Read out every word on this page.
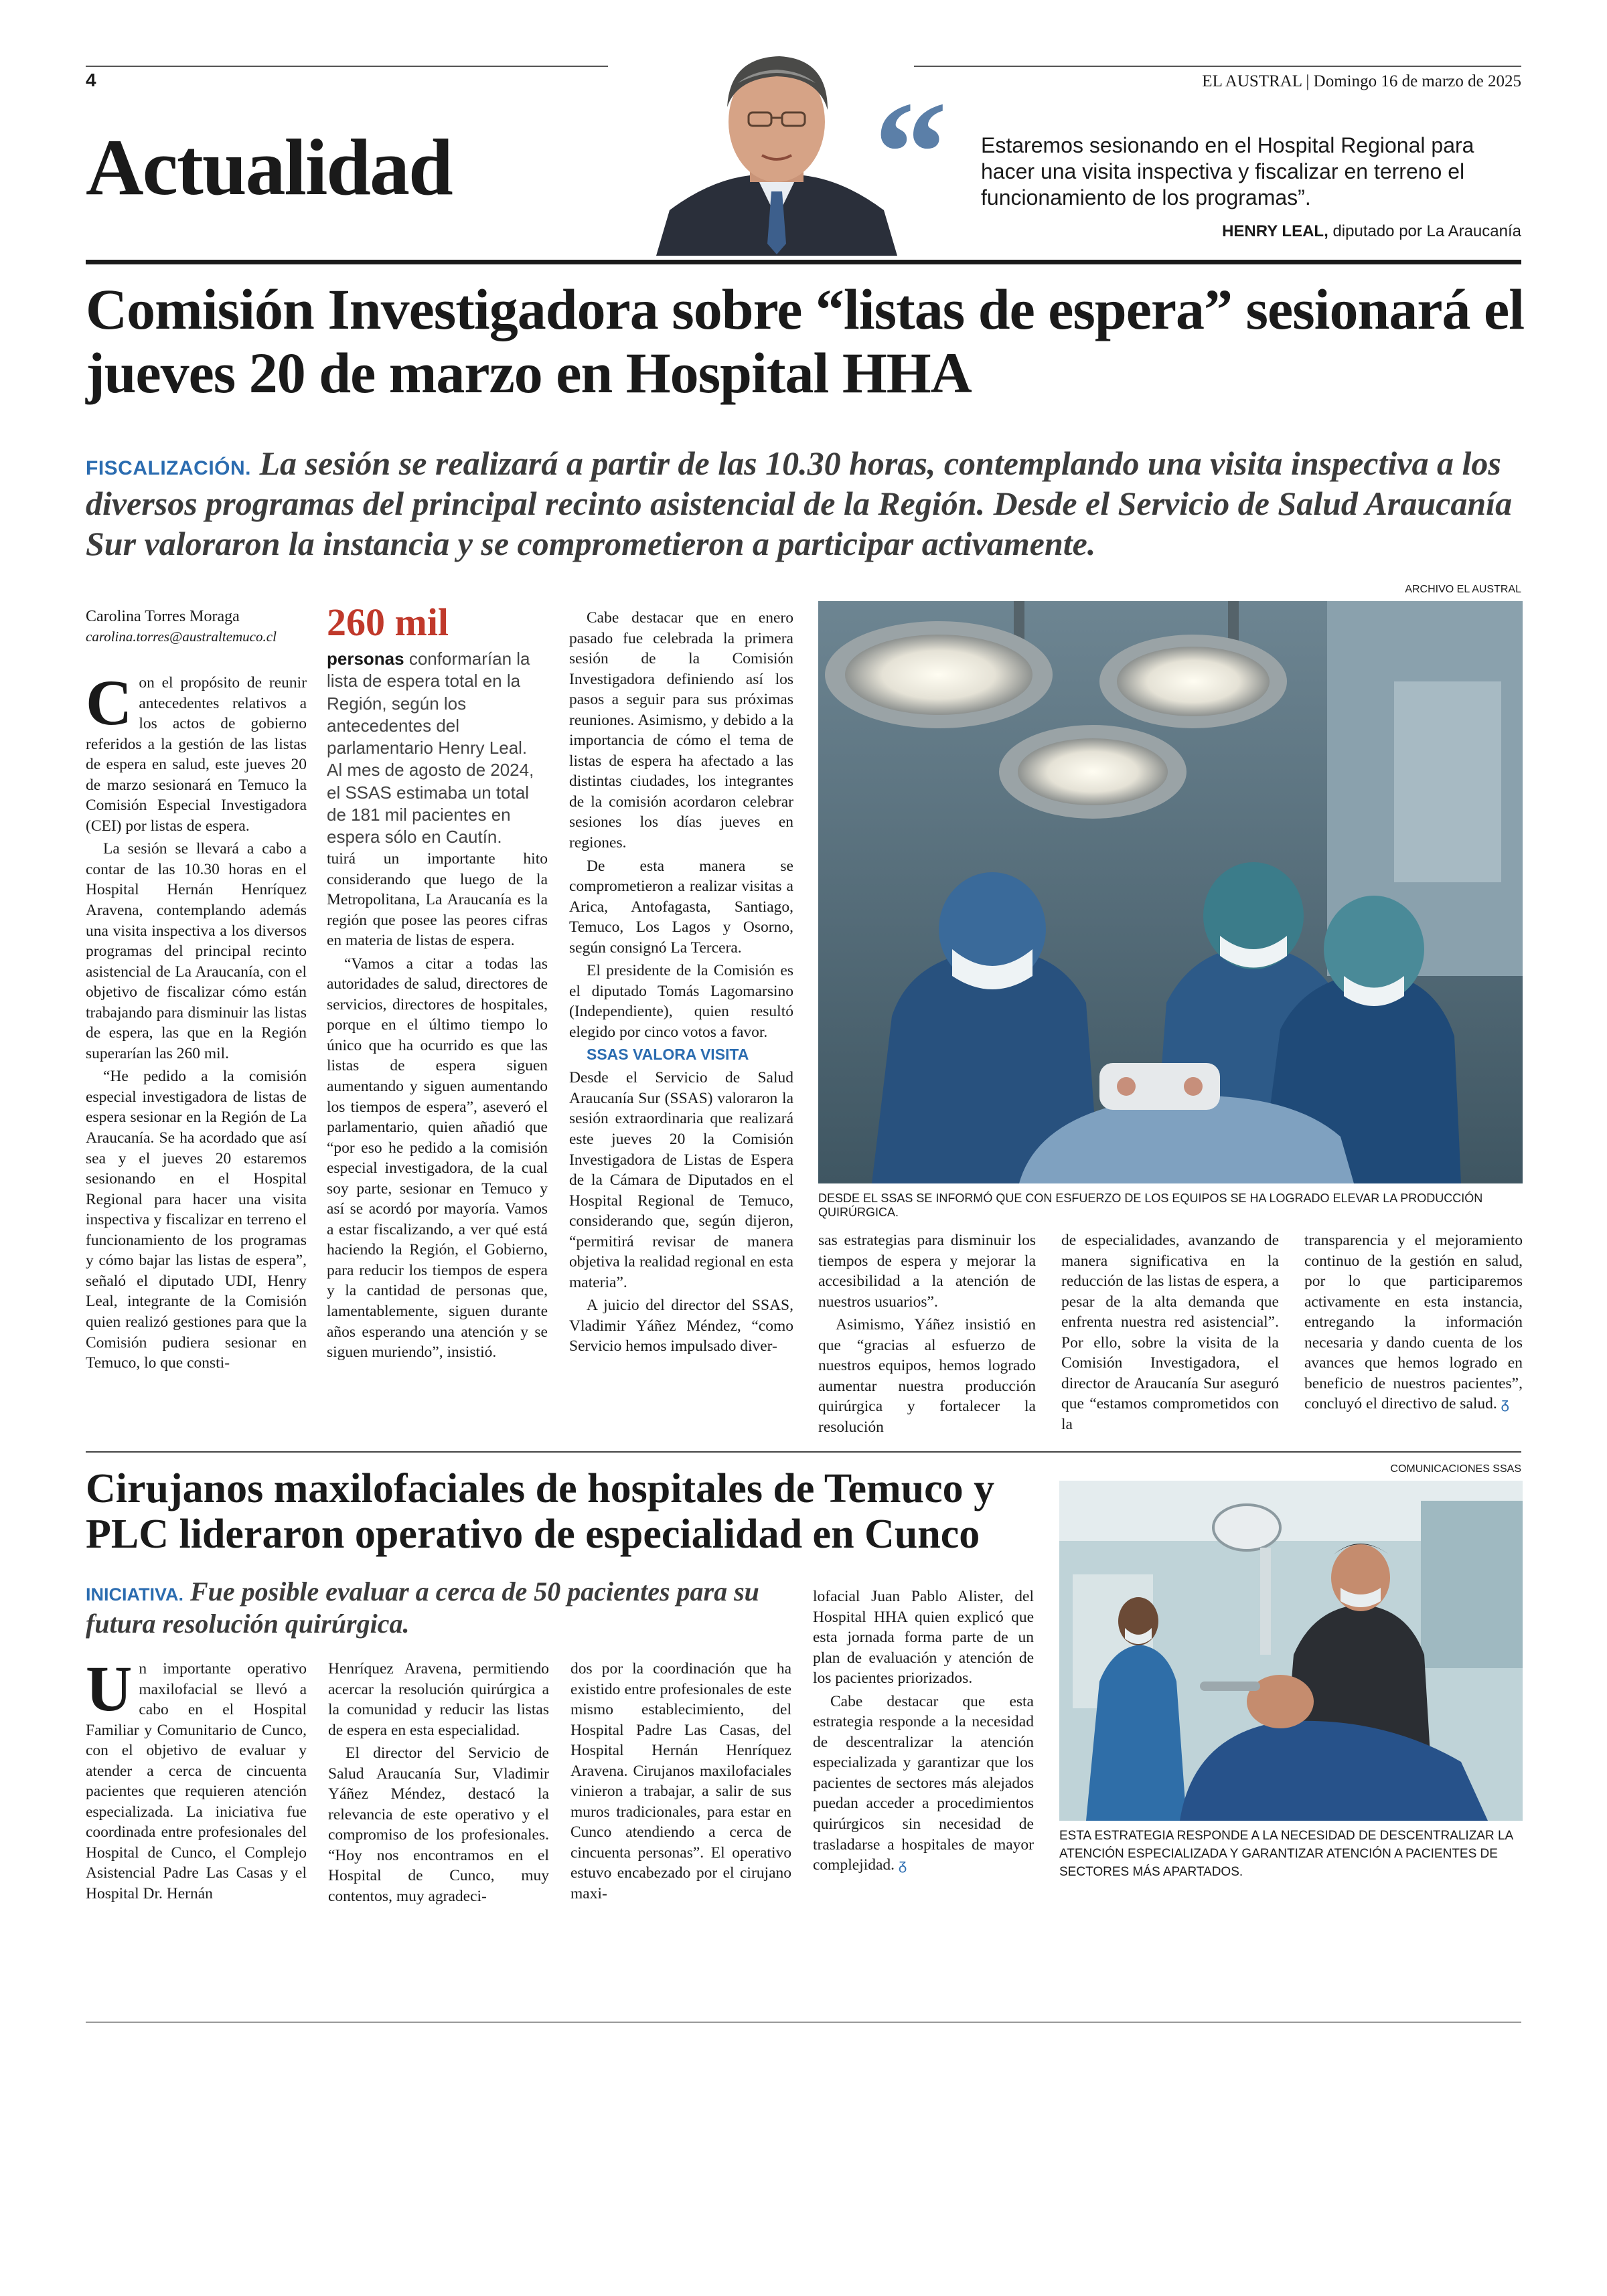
4	EL AUSTRAL | Domingo 16 de marzo de 2025
Actualidad	“ Estaremos sesionando en el Hospital Regional para hacer una visita inspectiva y fiscalizar en terreno el funcionamiento de los programas”.
HENRY LEAL, diputado por La Araucanía
Comisión Investigadora sobre “listas de espera” sesionará el jueves 20 de marzo en Hospital HHA
FISCALIZACIÓN. La sesión se realizará a partir de las 10.30 horas, contemplando una visita inspectiva a los diversos programas del principal recinto asistencial de la Región. Desde el Servicio de Salud Araucanía Sur valoraron la instancia y se comprometieron a participar activamente.
ARCHIVO EL AUSTRAL
Carolina Torres Moraga
carolina.torres@australtemuco.cl

Con el propósito de reunir antecedentes relativos a los actos de gobierno referidos a la gestión de las listas de espera en salud, este jueves 20 de marzo sesionará en Temuco la Comisión Especial Investigadora (CEI) por listas de espera.

La sesión se llevará a cabo a contar de las 10.30 horas en el Hospital Hernán Henríquez Aravena, contemplando además una visita inspectiva a los diversos programas del principal recinto asistencial de La Araucanía, con el objetivo de fiscalizar cómo están trabajando para disminuir las listas de espera, las que en la Región superarían las 260 mil.

“He pedido a la comisión especial investigadora de listas de espera sesionar en la Región de La Araucanía. Se ha acordado que así sea y el jueves 20 estaremos sesionando en el Hospital Regional para hacer una visita inspectiva y fiscalizar en terreno el funcionamiento de los programas y cómo bajar las listas de espera”, señaló el diputado UDI, Henry Leal, integrante de la Comisión quien realizó gestiones para que la Comisión pudiera sesionar en Temuco, lo que consti-

260 mil
personas conformarían la lista de espera total en la Región, según los antecedentes del parlamentario Henry Leal. Al mes de agosto de 2024, el SSAS estimaba un total de 181 mil pacientes en espera sólo en Cautín.

tuirá un importante hito considerando que luego de la Metropolitana, La Araucanía es la región que posee las peores cifras en materia de listas de espera.

“Vamos a citar a todas las autoridades de salud, directores de servicios, directores de hospitales, porque en el último tiempo lo único que ha ocurrido es que las listas de espera siguen aumentando y siguen aumentando los tiempos de espera”, aseveró el parlamentario, quien añadió que “por eso he pedido a la comisión especial investigadora, de la cual soy parte, sesionar en Temuco y así se acordó por mayoría. Vamos a estar fiscalizando, a ver qué está haciendo la Región, el Gobierno, para reducir los tiempos de espera y la cantidad de personas que, lamentablemente, siguen durante años esperando una atención y se siguen muriendo”, insistió.

Cabe destacar que en enero pasado fue celebrada la primera sesión de la Comisión Investigadora definiendo así los pasos a seguir para sus próximas reuniones. Asimismo, y debido a la importancia de cómo el tema de listas de espera ha afectado a las distintas ciudades, los integrantes de la comisión acordaron celebrar sesiones los días jueves en regiones.

De esta manera se comprometieron a realizar visitas a Arica, Antofagasta, Santiago, Temuco, Los Lagos y Osorno, según consignó La Tercera.

El presidente de la Comisión es el diputado Tomás Lagomarsino (Independiente), quien resultó elegido por cinco votos a favor.

SSAS VALORA VISITA

Desde el Servicio de Salud Araucanía Sur (SSAS) valoraron la sesión extraordinaria que realizará este jueves 20 la Comisión Investigadora de Listas de Espera de la Cámara de Diputados en el Hospital Regional de Temuco, considerando que, según dijeron, “permitirá revisar de manera objetiva la realidad regional en esta materia”.

A juicio del director del SSAS, Vladimir Yáñez Méndez, “como Servicio hemos impulsado diver-

DESDE EL SSAS SE INFORMÓ QUE CON ESFUERZO DE LOS EQUIPOS SE HA LOGRADO ELEVAR LA PRODUCCIÓN QUIRÚRGICA.

sas estrategias para disminuir los tiempos de espera y mejorar la accesibilidad a la atención de nuestros usuarios”.

Asimismo, Yáñez insistió en que “gracias al esfuerzo de nuestros equipos, hemos logrado aumentar nuestra producción quirúrgica y fortalecer la resolución

de especialidades, avanzando de manera significativa en la reducción de las listas de espera, a pesar de la alta demanda que enfrenta nuestra red asistencial”. Por ello, sobre la visita de la Comisión Investigadora, el director de Araucanía Sur aseguró que “estamos comprometidos con la

transparencia y el mejoramiento continuo de la gestión en salud, por lo que participaremos activamente en esta instancia, entregando la información necesaria y dando cuenta de los avances que hemos logrado en beneficio de nuestros pacientes”, concluyó el directivo de salud. ᵹ

Cirujanos maxilofaciales de hospitales de Temuco y PLC lideraron operativo de especialidad en Cunco
INICIATIVA. Fue posible evaluar a cerca de 50 pacientes para su futura resolución quirúrgica.
COMUNICACIONES SSAS

Un importante operativo maxilofacial se llevó a cabo en el Hospital Familiar y Comunitario de Cunco, con el objetivo de evaluar y atender a cerca de cincuenta pacientes que requieren atención especializada. La iniciativa fue coordinada entre profesionales del Hospital de Cunco, el Complejo Asistencial Padre Las Casas y el Hospital Dr. Hernán

Henríquez Aravena, permitiendo acercar la resolución quirúrgica a la comunidad y reducir las listas de espera en esta especialidad.

El director del Servicio de Salud Araucanía Sur, Vladimir Yáñez Méndez, destacó la relevancia de este operativo y el compromiso de los profesionales. “Hoy nos encontramos en el Hospital de Cunco, muy contentos, muy agradeci-

dos por la coordinación que ha existido entre profesionales de este mismo establecimiento, del Hospital Padre Las Casas, del Hospital Hernán Henríquez Aravena. Cirujanos maxilofaciales vinieron a trabajar, a salir de sus muros tradicionales, para estar en Cunco atendiendo a cerca de cincuenta personas”. El operativo estuvo encabezado por el cirujano maxi-

lofacial Juan Pablo Alister, del Hospital HHA quien explicó que esta jornada forma parte de un plan de evaluación y atención de los pacientes priorizados.

Cabe destacar que esta estrategia responde a la necesidad de descentralizar la atención especializada y garantizar que los pacientes de sectores más alejados puedan acceder a procedimientos quirúrgicos sin necesidad de trasladarse a hospitales de mayor complejidad. ᵹ

ESTA ESTRATEGIA RESPONDE A LA NECESIDAD DE DESCENTRALIZAR LA ATENCIÓN ESPECIALIZADA Y GARANTIZAR ATENCIÓN A PACIENTES DE SECTORES MÁS APARTADOS.
